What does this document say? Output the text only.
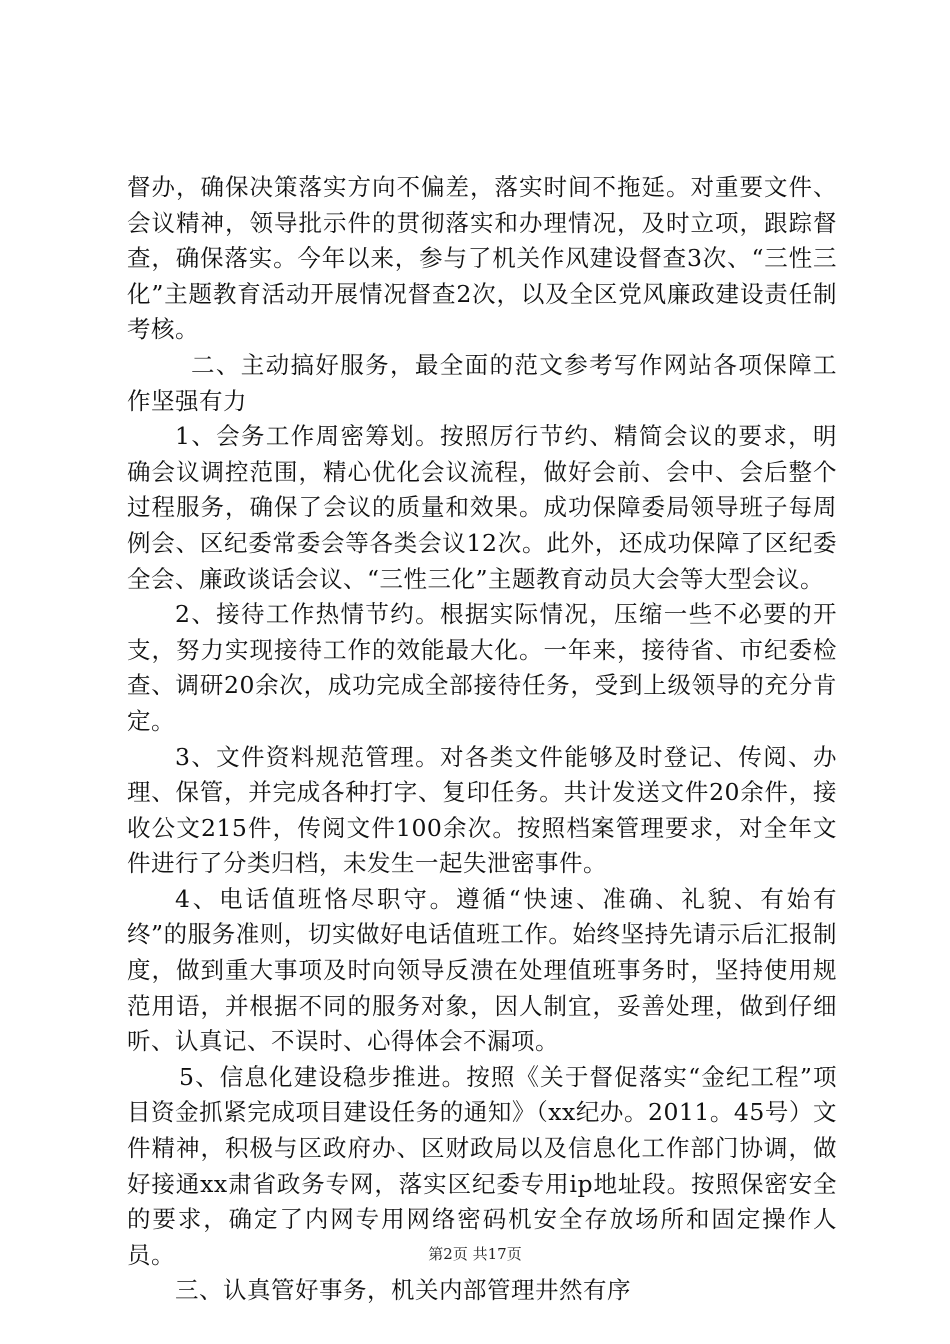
督办，确保决策落实方向不偏差，落实时间不拖延。对重要文件、会议精神，领导批示件的贯彻落实和办理情况，及时立项，跟踪督查，确保落实。今年以来，参与了机关作风建设督查3次、“三性三化”主题教育活动开展情况督查2次，以及全区党风廉政建设责任制考核。

二、主动搞好服务，最全面的范文参考写作网站各项保障工作坚强有力

1、会务工作周密筹划。按照厉行节约、精简会议的要求，明确会议调控范围，精心优化会议流程，做好会前、会中、会后整个过程服务，确保了会议的质量和效果。成功保障委局领导班子每周例会、区纪委常委会等各类会议12次。此外，还成功保障了区纪委全会、廉政谈话会议、“三性三化”主题教育动员大会等大型会议。

2、接待工作热情节约。根据实际情况，压缩一些不必要的开支，努力实现接待工作的效能最大化。一年来，接待省、市纪委检查、调研20余次，成功完成全部接待任务，受到上级领导的充分肯定。

3、文件资料规范管理。对各类文件能够及时登记、传阅、办理、保管，并完成各种打字、复印任务。共计发送文件20余件，接收公文215件，传阅文件100余次。按照档案管理要求，对全年文件进行了分类归档，未发生一起失泄密事件。

4、电话值班恪尽职守。遵循“快速、准确、礼貌、有始有终”的服务准则，切实做好电话值班工作。始终坚持先请示后汇报制度，做到重大事项及时向领导反溃在处理值班事务时，坚持使用规范用语，并根据不同的服务对象，因人制宜，妥善处理，做到仔细听、认真记、不误时、心得体会不漏项。

5、信息化建设稳步推进。按照《关于督促落实“金纪工程”项目资金抓紧完成项目建设任务的通知》（xx纪办。2011。45号）文件精神，积极与区政府办、区财政局以及信息化工作部门协调，做好接通xx肃省政务专网，落实区纪委专用ip地址段。按照保密安全的要求，确定了内网专用网络密码机安全存放场所和固定操作人员。

三、认真管好事务，机关内部管理井然有序

第2页 共17页
